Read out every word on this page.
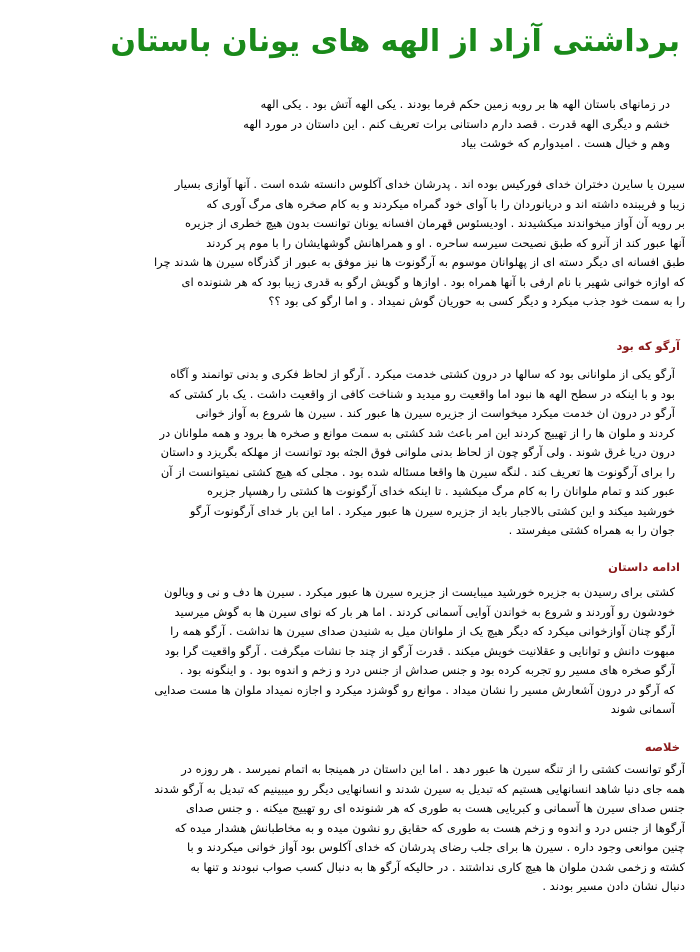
برداشتی آزاد از الهه های یونان باستان
در زمانهای باستان الهه ها بر روبه زمین حکم فرما بودند . یکی الهه آتش بود . یکی الهه
خشم و دیگری الهه قدرت . قصد دارم داستانی برات تعریف کنم . این داستان در مورد الهه
وهم و خیال هست . امیدوارم که خوشت بیاد
سیرن یا سایرن دختران خدای فورکیس بوده اند . پدرشان خدای آکلوس دانسته شده است . آنها آوازی بسیار
زیبا و فریبنده داشته اند و دریانوردان را با آوای خود گمراه میکردند و به کام صخره های مرگ آوری که
بر رویه آن آواز میخواندند میکشیدند . اودیسئوس قهرمان افسانه یونان توانست بدون هیچ خطری از جزیره
آنها عبور کند از آنرو که طبق نصیحت سیرسه ساحره . او و همراهانش گوشهایشان را با موم پر کردند
طبق افسانه ای دیگر دسته ای از پهلوانان موسوم به آرگونوت ها نیز موفق به عبور از گذرگاه سیرن ها شدند چرا
که اوازه خوانی شهیر با نام ارفی با آنها همراه بود . اوازها و گویش ارگو به قدری زیبا بود که هر شنونده ای
را به سمت خود جذب میکرد و دیگر کسی به حوریان گوش نمیداد . و اما ارگو کی بود ؟؟
آرگو که بود
آرگو یکی از ملوانانی بود که سالها در درون کشتی خدمت میکرد . آرگو از لحاظ فکری و بدنی توانمند و آگاه
بود و با اینکه در سطح الهه ها نبود اما واقعیت رو میدید و شناخت کافی از واقعیت داشت . یک بار کشتی که
آرگو در درون ان خدمت میکرد میخواست از جزیره سیرن ها عبور کند . سیرن ها شروع به آواز خوانی
کردند و ملوان ها را از تهییج کردند این امر باعث شد کشتی به سمت موانع و صخره ها برود و همه ملوانان در
درون دریا غرق شوند . ولی آرگو چون از لحاظ بدنی ملوانی فوق الجثه بود توانست از مهلکه بگریزد و داستان
را برای آرگونوت ها تعریف کند . لنگه سیرن ها واقعا مسئاله شده بود . مجلی که هیچ کشتی نمیتوانست از آن
عبور کند و تمام ملوانان را به کام مرگ میکشید . تا اینکه خدای آرگونوت ها کشتی را رهسپار جزیره
خورشید میکند و این کشتی بالاجبار باید از جزیره سیرن ها عبور میکرد . اما این بار خدای آرگونوت آرگو
جوان را به همراه کشتی میفرستد .
ادامه داستان
کشتی برای رسیدن به جزیره خورشید میبایست از جزیره سیرن ها عبور میکرد . سیرن ها دف و نی و ویالون
خودشون رو آوردند و شروع به خواندن آوایی آسمانی کردند . اما هر بار که نوای سیرن ها به گوش میرسید
آرگو چنان آوازخوانی میکرد که دیگر هیچ یک از ملوانان میل به شنیدن صدای سیرن ها نداشت . آرگو همه را
مبهوت دانش و توانایی و عقلانیت خویش میکند . قدرت آرگو از چند جا نشات میگرفت . آرگو واقعیت گرا بود
آرگو صخره های مسیر رو تجربه کرده بود و جنس صداش از جنس درد و زخم و اندوه بود . و اینگونه بود .
که آرگو در درون آشعارش مسیر را نشان میداد . موانع رو گوشزد میکرد و اجازه نمیداد ملوان ها مست صدایی
آسمانی شوند
خلاصه
آرگو توانست کشتی را از تنگه سیرن ها عبور دهد . اما این داستان در همینجا به اتمام نمیرسد . هر روزه در
همه جای دنیا شاهد انسانهایی هستیم که تبدیل به سیرن شدند و انسانهایی دیگر رو میبینیم که تبدیل به آرگو شدند
جنس صدای سیرن ها آسمانی و کبریایی هست به طوری که هر شنونده ای رو تهییج میکنه . و جنس صدای
آرگوها از جنس درد و اندوه و زخم هست به طوری که حقایق رو نشون میده و به مخاطبانش هشدار میده که
چنین موانعی وجود داره . سیرن ها برای جلب رضای پدرشان که خدای آکلوس بود آواز خوانی میکردند و با
کشته و زخمی شدن ملوان ها هیچ کاری نداشتند . در حالیکه آرگو ها به دنبال کسب صواب نبودند و تنها به
دنبال نشان دادن مسیر بودند .
